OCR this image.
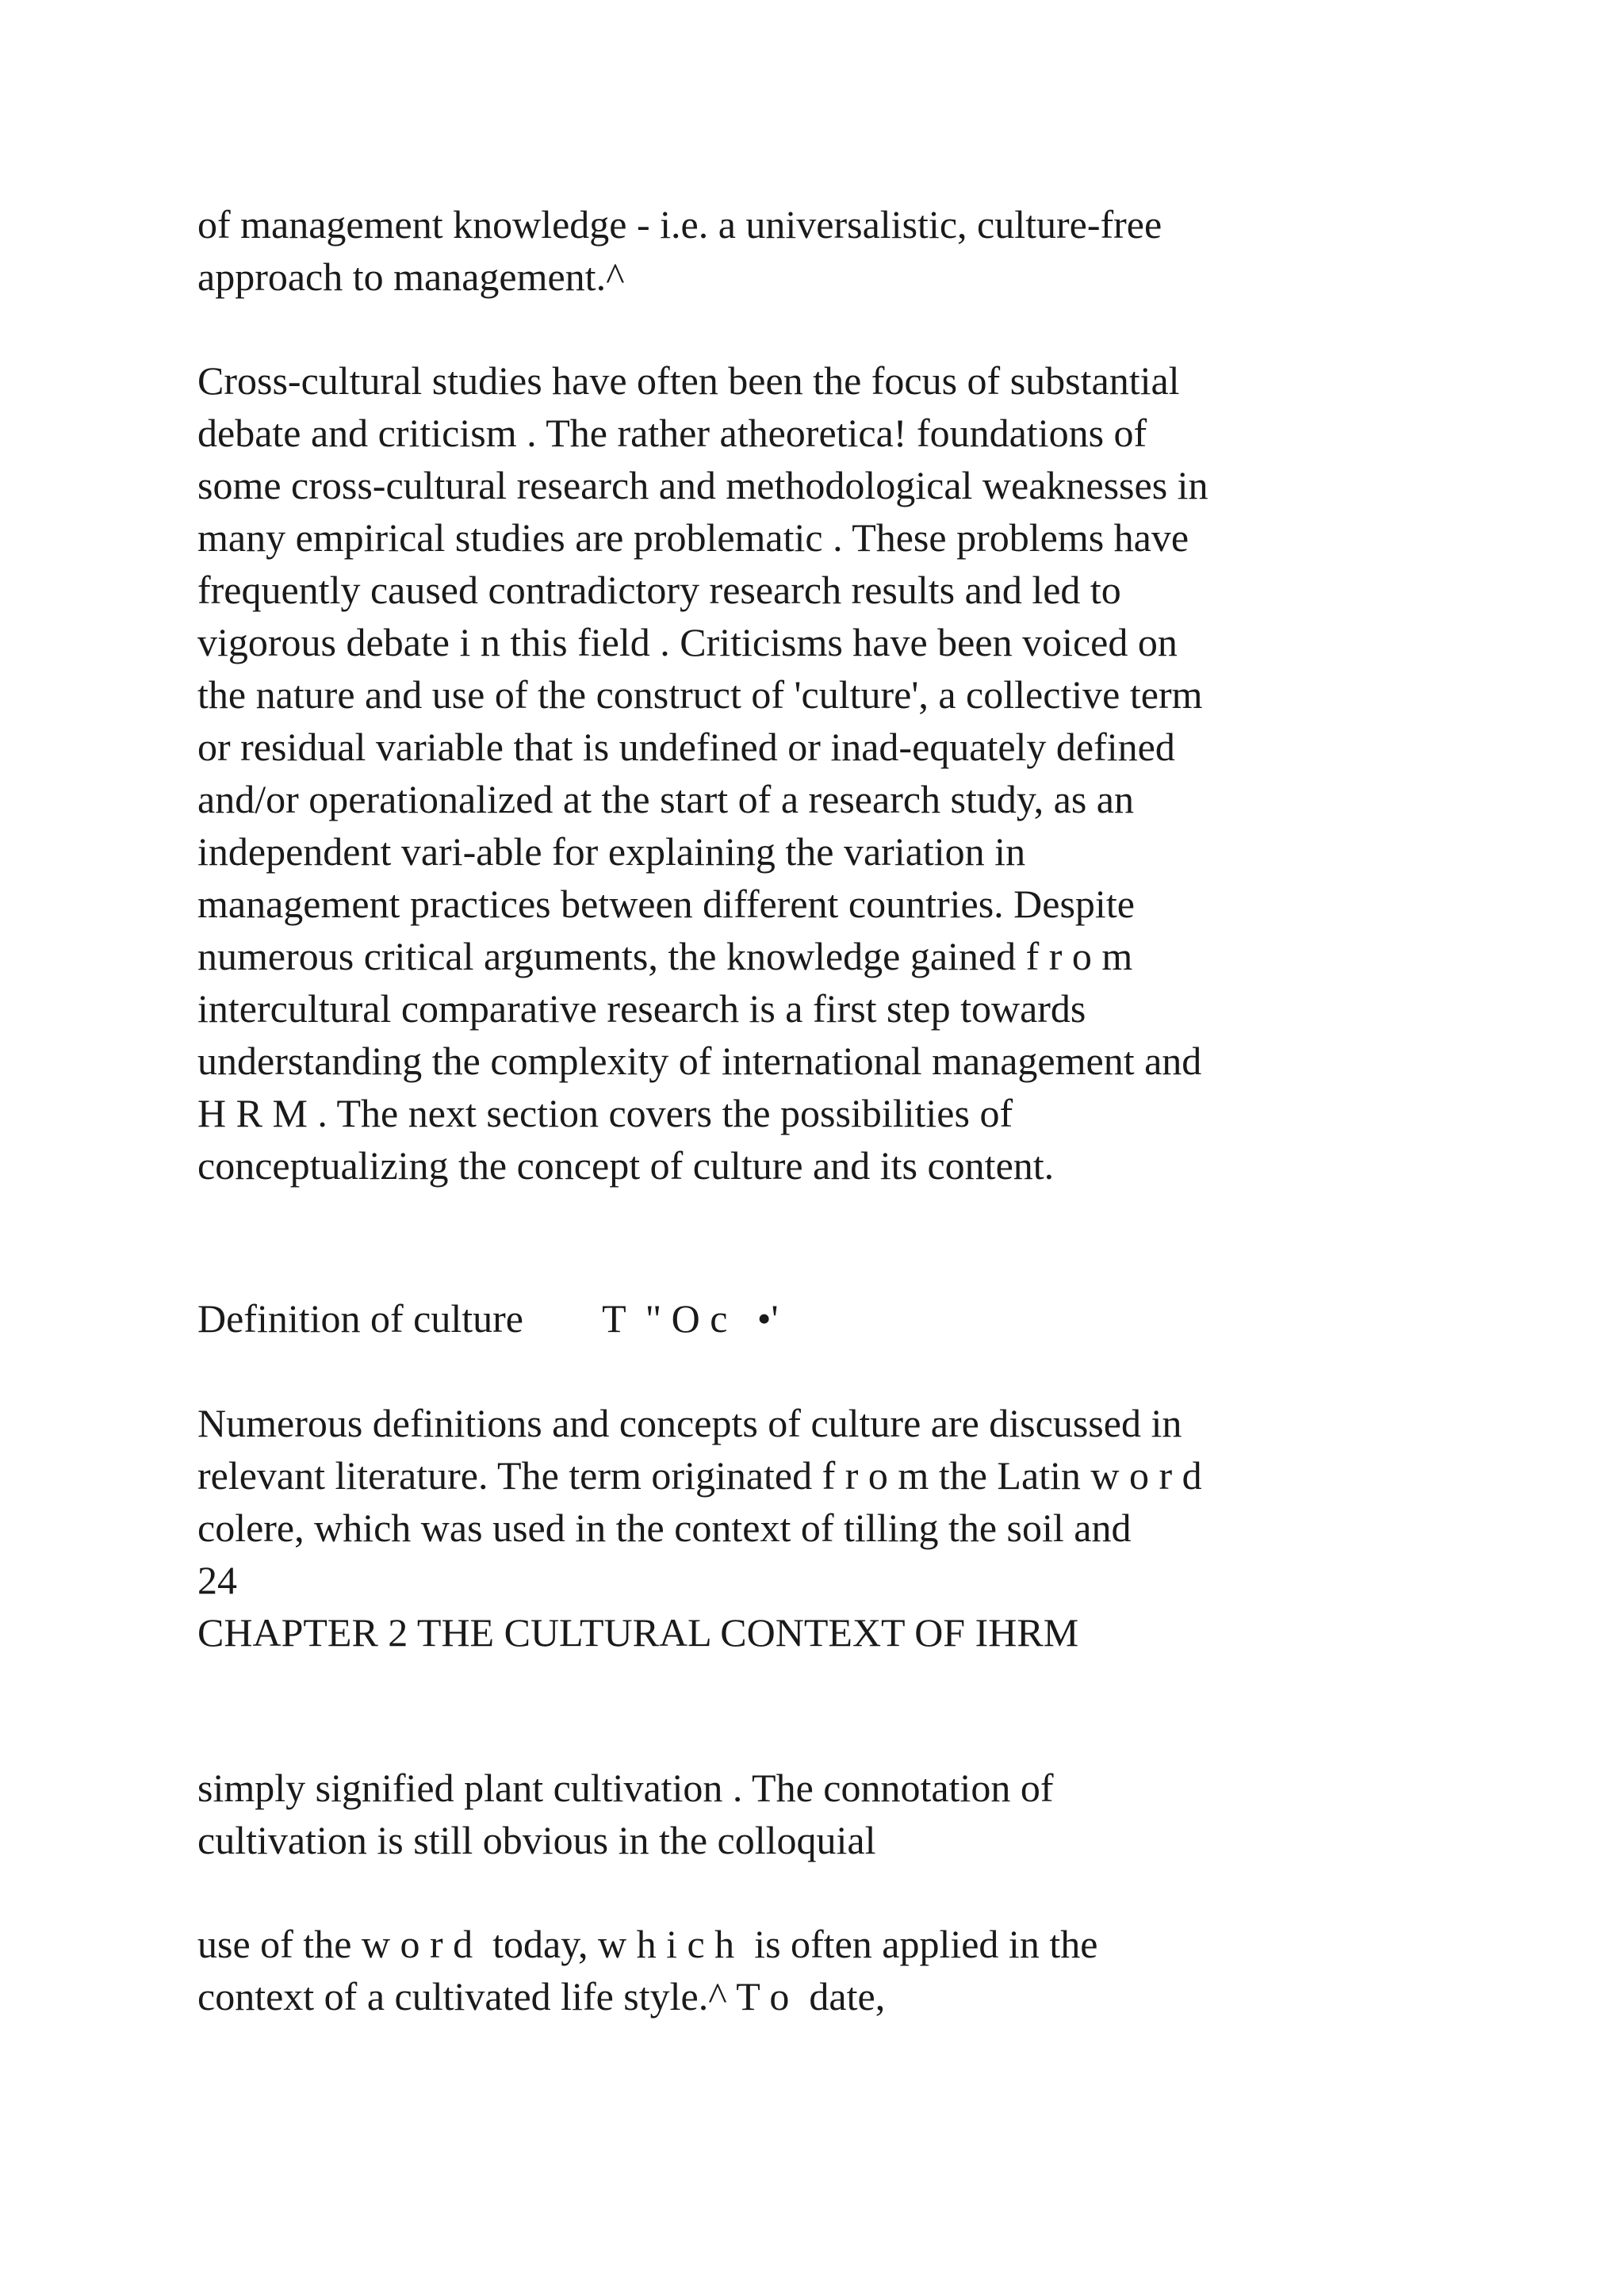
of management knowledge - i.e. a universalistic, culture-free
approach to management.^
Cross-cultural studies have often been the focus of substantial
debate and criticism . The rather atheoretica! foundations of
some cross-cultural research and methodological weaknesses in
many empirical studies are problematic . These problems have
frequently caused contradictory research results and led to
vigorous debate i n this field . Criticisms have been voiced on
the nature and use of the construct of 'culture', a collective term
or residual variable that is undefined or inad-equately defined
and/or operationalized at the start of a research study, as an
independent vari-able for explaining the variation in
management practices between different countries. Despite
numerous critical arguments, the knowledge gained f r o m
intercultural comparative research is a first step towards
understanding the complexity of international management and
H R M . The next section covers the possibilities of
conceptualizing the concept of culture and its content.
Definition of culture        T  " O c   •'
Numerous definitions and concepts of culture are discussed in
relevant literature. The term originated f r o m the Latin w o r d
colere, which was used in the context of tilling the soil and
24
CHAPTER 2 THE CULTURAL CONTEXT OF IHRM
simply signified plant cultivation . The connotation of
cultivation is still obvious in the colloquial
use of the w o r d  today, w h i c h  is often applied in the
context of a cultivated life style.^ T o  date,
